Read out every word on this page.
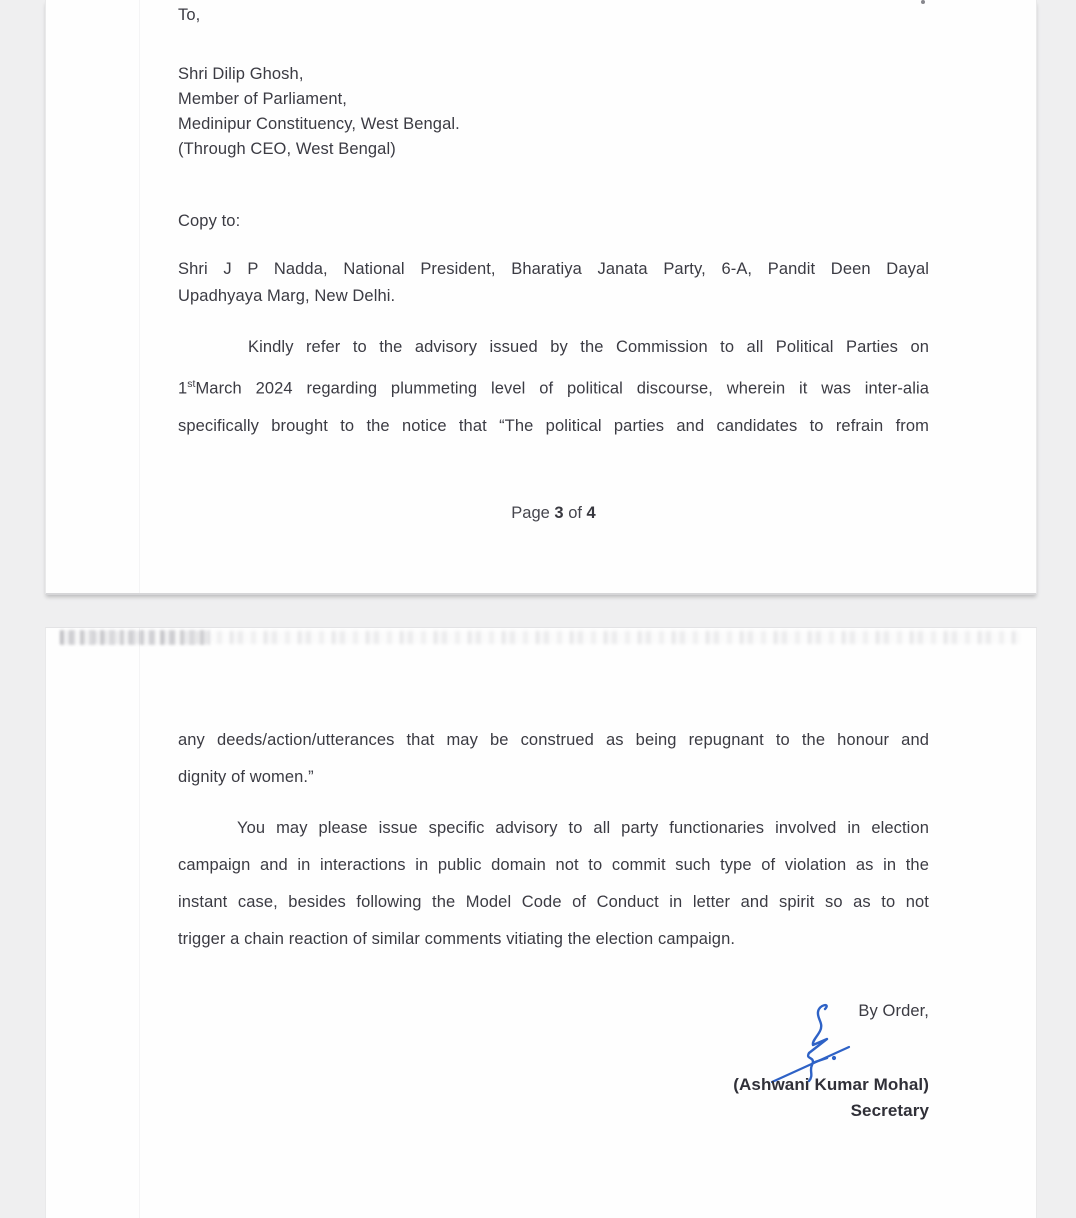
To,
Shri Dilip Ghosh,
Member of Parliament,
Medinipur Constituency, West Bengal.
(Through CEO, West Bengal)
Copy to:
Shri J P Nadda, National President, Bharatiya Janata Party, 6-A, Pandit Deen Dayal
Upadhyaya Marg, New Delhi.
Kindly refer to the advisory issued by the Commission to all Political Parties on
1stMarch 2024 regarding plummeting level of political discourse, wherein it was inter-alia
specifically brought to the notice that “The political parties and candidates to refrain from
Page 3 of 4
any deeds/action/utterances that may be construed as being repugnant to the honour and
dignity of women.”
You may please issue specific advisory to all party functionaries involved in election
campaign and in interactions in public domain not to commit such type of violation as in the
instant case, besides following the Model Code of Conduct in letter and spirit so as to not
trigger a chain reaction of similar comments vitiating the election campaign.
By Order,
(Ashwani Kumar Mohal)
Secretary
